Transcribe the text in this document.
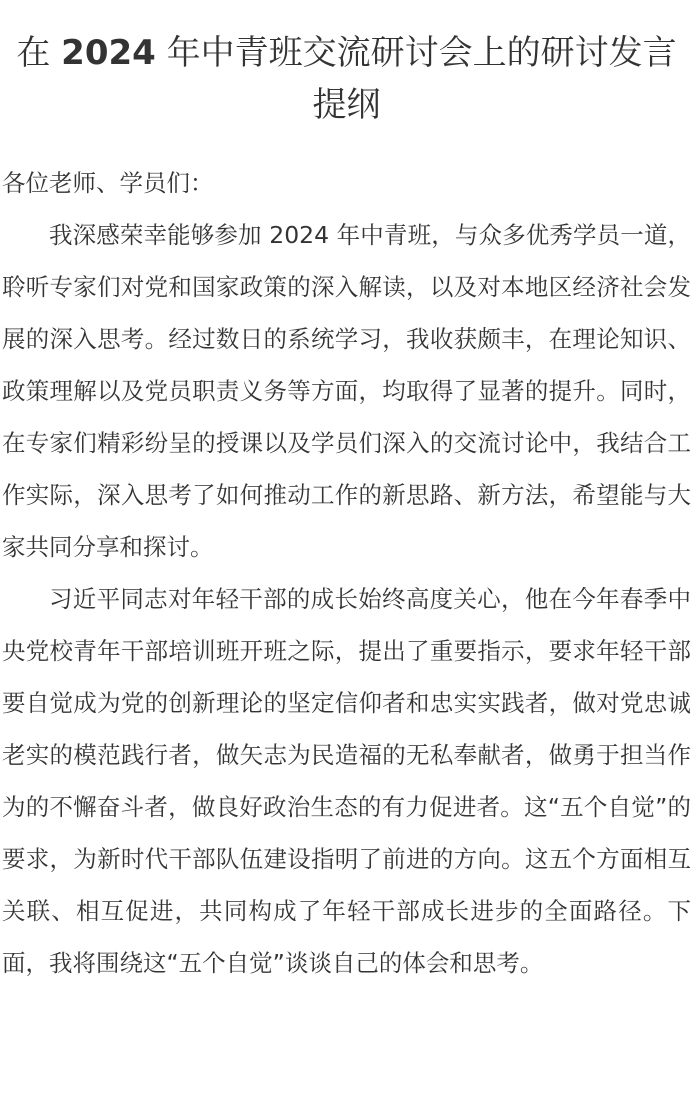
在 2024 年中青班交流研讨会上的研讨发言提纲

各位老师、学员们：

我深感荣幸能够参加 2024 年中青班，与众多优秀学员一道，聆听专家们对党和国家政策的深入解读，以及对本地区经济社会发展的深入思考。经过数日的系统学习，我收获颇丰，在理论知识、政策理解以及党员职责义务等方面，均取得了显著的提升。同时，在专家们精彩纷呈的授课以及学员们深入的交流讨论中，我结合工作实际，深入思考了如何推动工作的新思路、新方法，希望能与大家共同分享和探讨。

习近平同志对年轻干部的成长始终高度关心，他在今年春季中央党校青年干部培训班开班之际，提出了重要指示，要求年轻干部要自觉成为党的创新理论的坚定信仰者和忠实实践者，做对党忠诚老实的模范践行者，做矢志为民造福的无私奉献者，做勇于担当作为的不懈奋斗者，做良好政治生态的有力促进者。这“五个自觉”的要求，为新时代干部队伍建设指明了前进的方向。这五个方面相互关联、相互促进，共同构成了年轻干部成长进步的全面路径。下面，我将围绕这“五个自觉”谈谈自己的体会和思考。
